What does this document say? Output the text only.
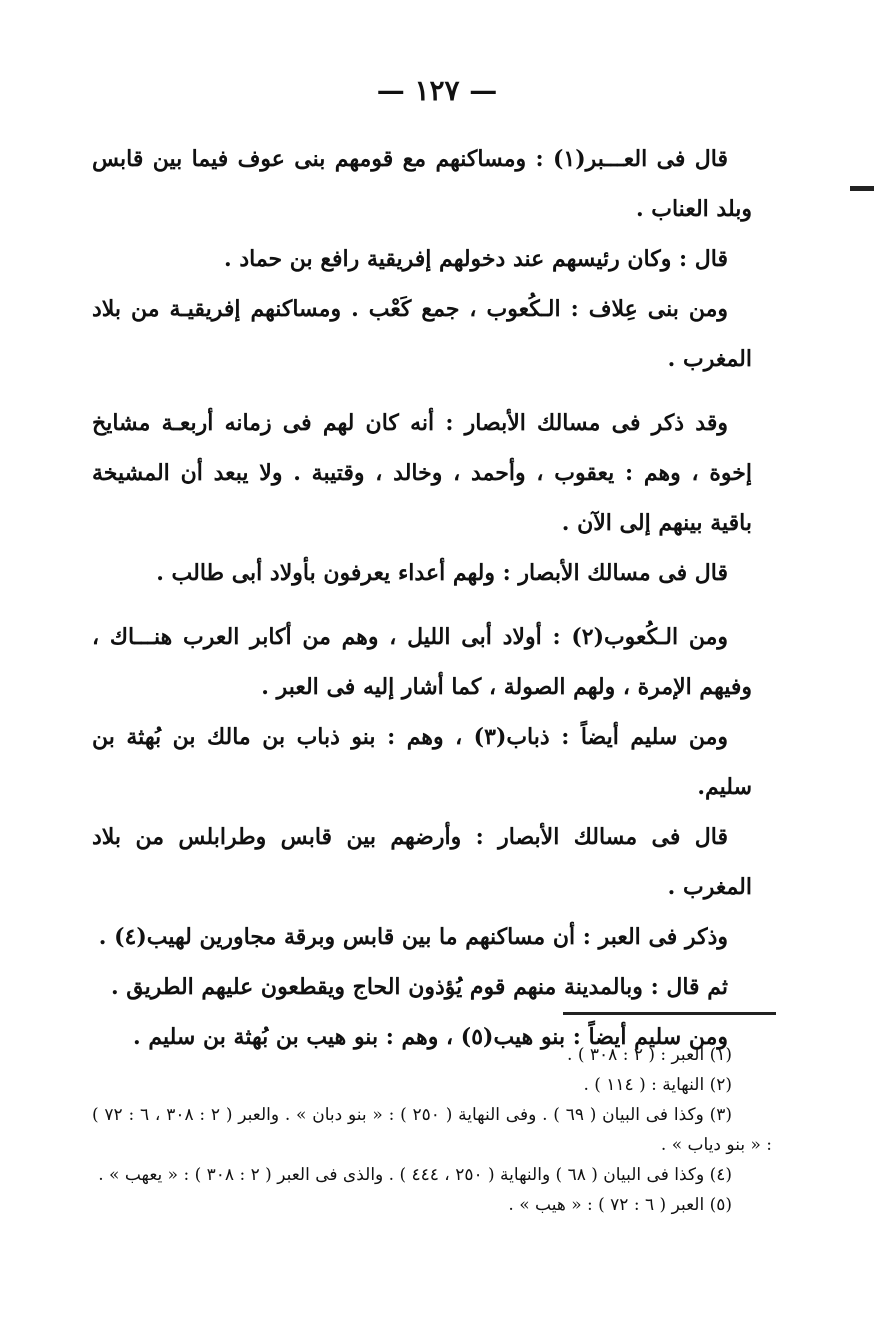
— ١٢٧ —

قال فى العـــبر(١) : ومساكنهم مع قومهم بنى عوف فيما بين قابس وبلد العناب .

قال : وكان رئيسهم عند دخولهم إفريقية رافع بن حماد .

ومن بنى عِلاف : الـكُعوب ، جمع كَعْب . ومساكنهم إفريقيـة من بلاد المغرب .

وقد ذكر فى مسالك الأبصار : أنه كان لهم فى زمانه أربعـة مشايخ إخوة ، وهم : يعقوب ، وأحمد ، وخالد ، وقتيبة . ولا يبعد أن المشيخة باقية بينهم إلى الآن .

قال فى مسالك الأبصار : ولهم أعداء يعرفون بأولاد أبى طالب .

ومن الـكُعوب(٢) : أولاد أبى الليل ، وهم من أكابر العرب هنـــاك ، وفيهم الإمرة ، ولهم الصولة ، كما أشار إليه فى العبر .

ومن سليم أيضاً : ذباب(٣) ، وهم : بنو ذباب بن مالك بن بُهثة بن سليم.

قال فى مسالك الأبصار : وأرضهم بين قابس وطرابلس من بلاد المغرب .

وذكر فى العبر : أن مساكنهم ما بين قابس وبرقة مجاورين لهيب(٤) .

ثم قال : وبالمدينة منهم قوم يُؤذون الحاج ويقطعون عليهم الطريق .

ومن سليم أيضاً : بنو هيب(٥) ، وهم : بنو هيب بن بُهثة بن سليم .

(١) العبر : ( ٢ : ٣٠٨ ) .

(٢) النهاية : ( ١١٤ ) .

(٣) وكذا فى البيان ( ٦٩ ) . وفى النهاية ( ٢٥٠ ) : « بنو دبان » . والعبر ( ٢ : ٣٠٨ ، ٦ : ٧٢ ) : « بنو دياب » .

(٤) وكذا فى البيان ( ٦٨ ) والنهاية ( ٢٥٠ ، ٤٤٤ ) . والذى فى العبر ( ٢ : ٣٠٨ ) : « يعهب » .

(٥) العبر ( ٦ : ٧٢ ) : « هيب » .
